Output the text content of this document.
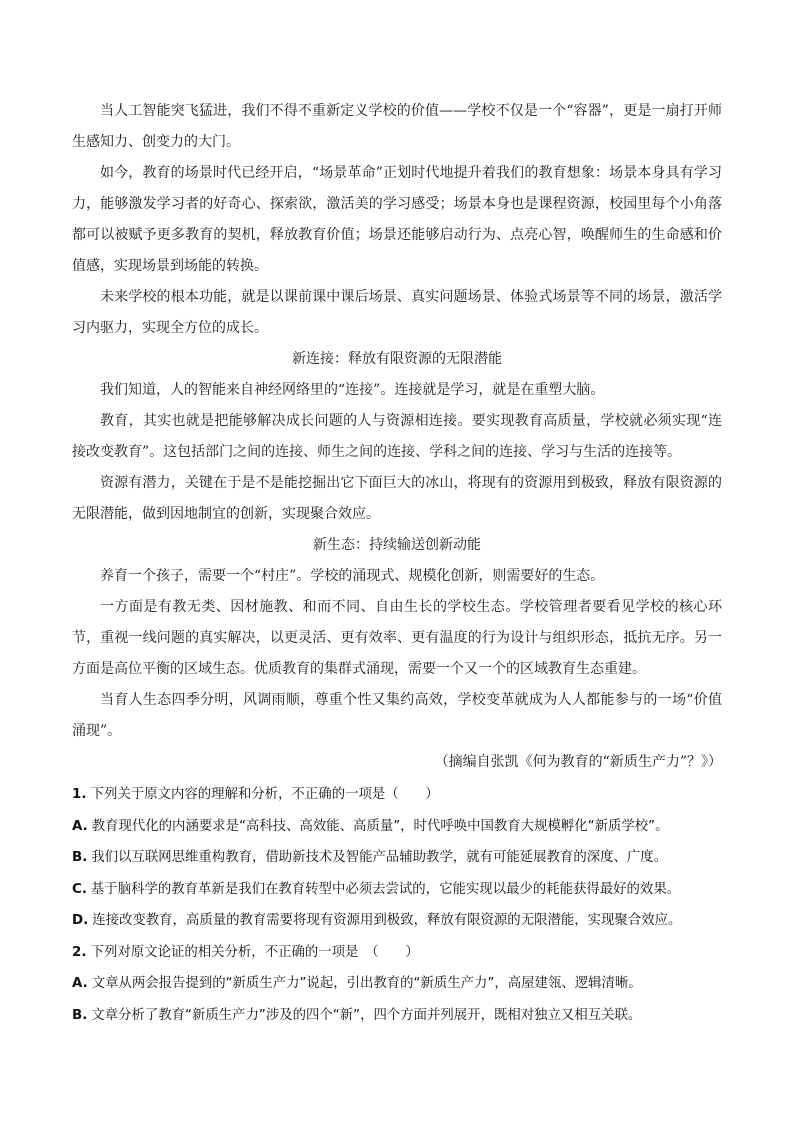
当人工智能突飞猛进，我们不得不重新定义学校的价值——学校不仅是一个“容器”，更是一扇打开师生感知力、创变力的大门。

如今，教育的场景时代已经开启，“场景革命”正划时代地提升着我们的教育想象：场景本身具有学习力，能够激发学习者的好奇心、探索欲，激活美的学习感受；场景本身也是课程资源，校园里每个小角落都可以被赋予更多教育的契机，释放教育价值；场景还能够启动行为、点亮心智，唤醒师生的生命感和价值感，实现场景到场能的转换。

未来学校的根本功能，就是以课前课中课后场景、真实问题场景、体验式场景等不同的场景，激活学习内驱力，实现全方位的成长。

新连接：释放有限资源的无限潜能

我们知道，人的智能来自神经网络里的“连接”。连接就是学习，就是在重塑大脑。

教育，其实也就是把能够解决成长问题的人与资源相连接。要实现教育高质量，学校就必须实现“连接改变教育”。这包括部门之间的连接、师生之间的连接、学科之间的连接、学习与生活的连接等。

资源有潜力，关键在于是不是能挖掘出它下面巨大的冰山，将现有的资源用到极致，释放有限资源的无限潜能，做到因地制宜的创新，实现聚合效应。

新生态：持续输送创新动能

养育一个孩子，需要一个“村庄”。学校的涌现式、规模化创新，则需要好的生态。

一方面是有教无类、因材施教、和而不同、自由生长的学校生态。学校管理者要看见学校的核心环节，重视一线问题的真实解决，以更灵活、更有效率、更有温度的行为设计与组织形态，抵抗无序。另一方面是高位平衡的区域生态。优质教育的集群式涌现，需要一个又一个的区域教育生态重建。

当育人生态四季分明，风调雨顺，尊重个性又集约高效，学校变革就成为人人都能参与的一场“价值涌现”。

（摘编自张凯《何为教育的“新质生产力”？》）

1. 下列关于原文内容的理解和分析，不正确的一项是（　　）

A. 教育现代化的内涵要求是“高科技、高效能、高质量”，时代呼唤中国教育大规模孵化“新质学校”。

B. 我们以互联网思维重构教育，借助新技术及智能产品辅助教学，就有可能延展教育的深度、广度。

C. 基于脑科学的教育革新是我们在教育转型中必须去尝试的，它能实现以最少的耗能获得最好的效果。

D. 连接改变教育，高质量的教育需要将现有资源用到极致，释放有限资源的无限潜能，实现聚合效应。

2. 下列对原文论证的相关分析，不正确的一项是　（　　）

A. 文章从两会报告提到的“新质生产力”说起，引出教育的“新质生产力”，高屋建瓴、逻辑清晰。

B. 文章分析了教育“新质生产力”涉及的四个“新”，四个方面并列展开，既相对独立又相互关联。
